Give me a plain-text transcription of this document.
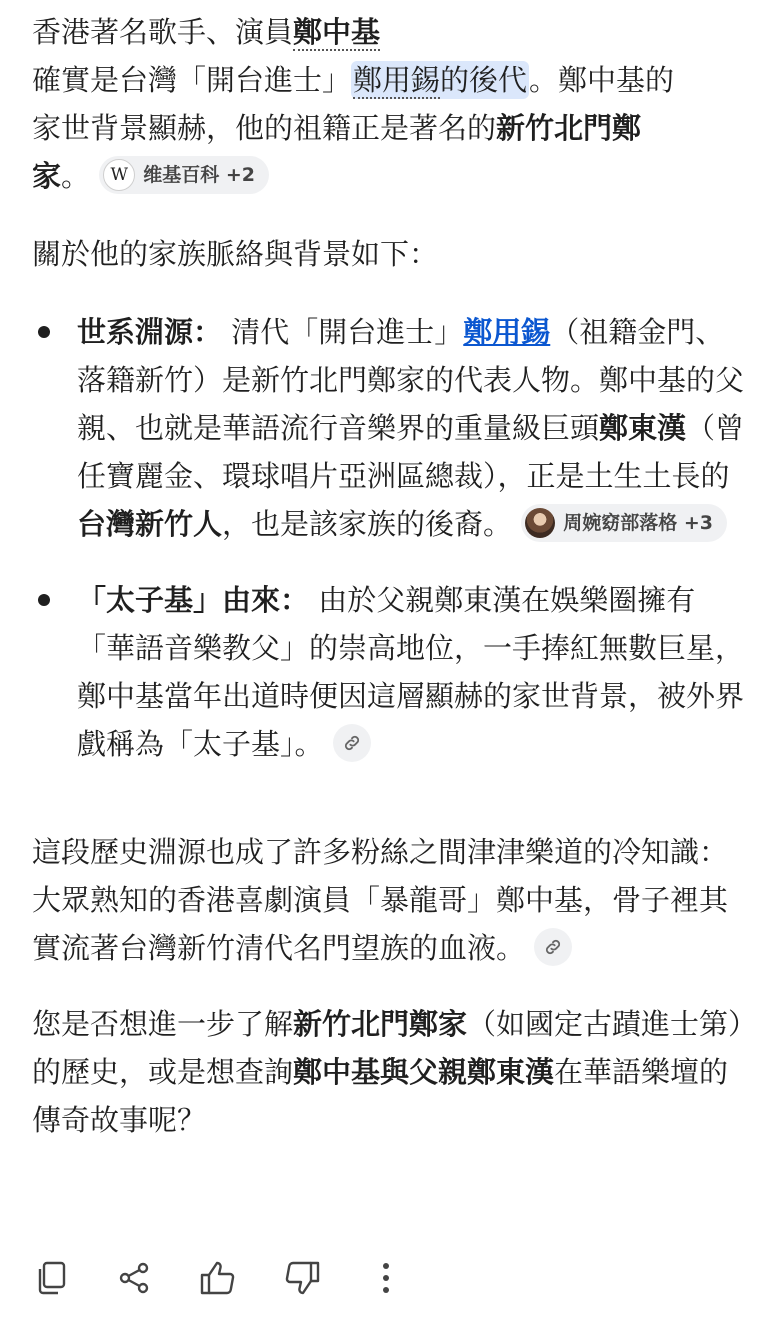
香港著名歌手、演員鄭中基
確實是台灣「開台進士」鄭用錫的後代。鄭中基的
家世背景顯赫，他的祖籍正是著名的新竹北門鄭
家。	W 维基百科 +2

關於他的家族脈絡與背景如下：

世系淵源： 清代「開台進士」鄭用錫（祖籍金門、落籍新竹）是新竹北門鄭家的代表人物。鄭中基的父親、也就是華語流行音樂界的重量級巨頭鄭東漢（曾任寶麗金、環球唱片亞洲區總裁），正是土生土長的台灣新竹人，也是該家族的後裔。	周婉窈部落格 +3
「太子基」由來： 由於父親鄭東漢在娛樂圈擁有「華語音樂教父」的崇高地位，一手捧紅無數巨星，鄭中基當年出道時便因這層顯赫的家世背景，被外界戲稱為「太子基」。

這段歷史淵源也成了許多粉絲之間津津樂道的冷知識：大眾熟知的香港喜劇演員「暴龍哥」鄭中基，骨子裡其實流著台灣新竹清代名門望族的血液。

您是否想進一步了解新竹北門鄭家（如國定古蹟進士第）的歷史，或是想查詢鄭中基與父親鄭東漢在華語樂壇的傳奇故事呢？
